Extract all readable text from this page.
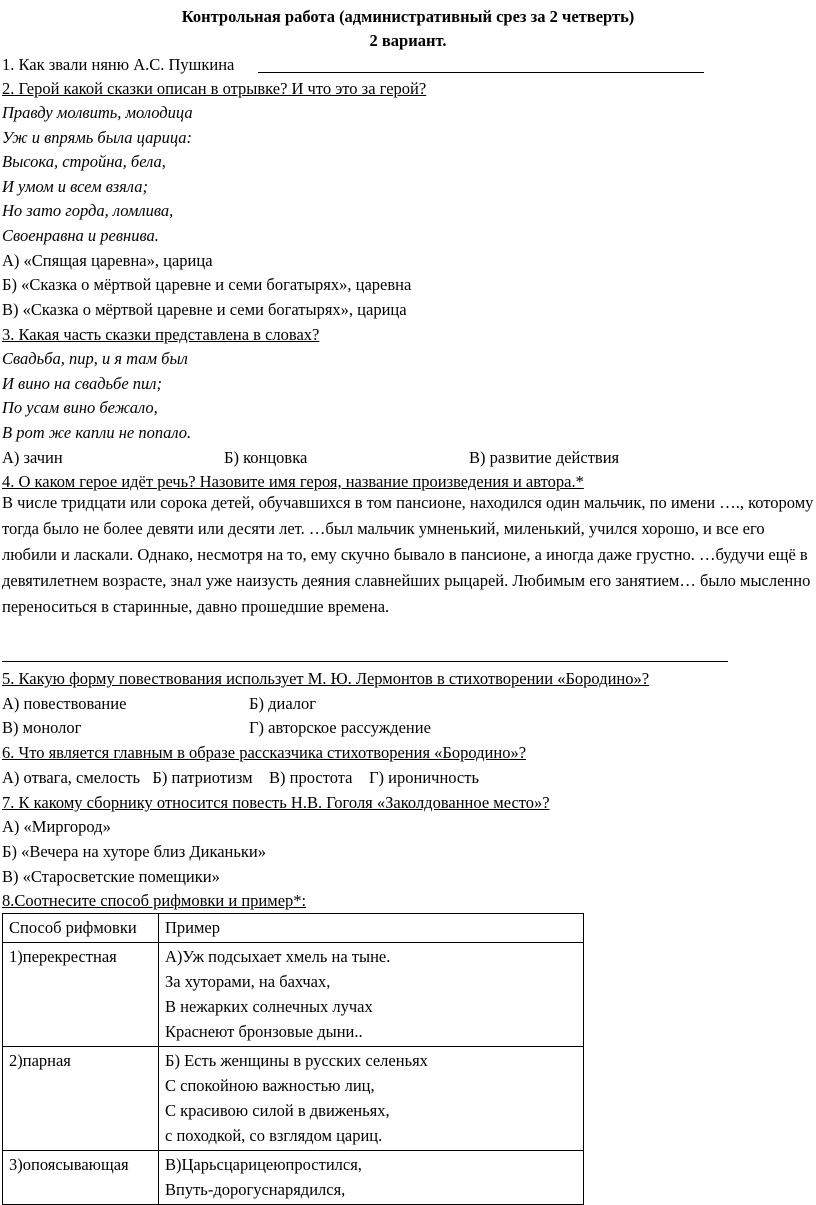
Контрольная работа (административный срез за 2 четверть)
2 вариант.
1. Как звали няню А.С. Пушкина
2. Герой какой сказки описан в отрывке? И что это за герой?
Правду молвить, молодица
Уж и впрямь была царица:
Высока, стройна, бела,
И умом и всем взяла;
Но зато горда, ломлива,
Своенравна и ревнива.
А) «Спящая царевна», царица
Б) «Сказка о мёртвой царевне и семи богатырях», царевна
В) «Сказка о мёртвой царевне и семи богатырях», царица
3. Какая часть сказки представлена в словах?
Свадьба, пир, и я там был
И вино на свадьбе пил;
По усам вино бежало,
В рот же капли не попало.
А) зачин	Б) концовка	В) развитие действия
4. О каком герое идёт речь? Назовите имя героя, название произведения и автора.*
В числе тридцати или сорока детей, обучавшихся в том пансионе, находился один мальчик, по имени …., которому тогда было не более девяти или десяти лет. …был мальчик умненький, миленький, учился хорошо, и все его любили и ласкали. Однако, несмотря на то, ему скучно бывало в пансионе, а иногда даже грустно. …будучи ещё в девятилетнем возрасте, знал уже наизусть деяния славнейших рыцарей. Любимым его занятием… было мысленно переноситься в старинные, давно прошедшие времена.
5. Какую форму повествования использует М. Ю. Лермонтов в стихотворении «Бородино»?
А) повествование	Б) диалог
В) монолог	Г) авторское рассуждение
6. Что является главным в образе рассказчика стихотворения «Бородино»?
А) отвага, смелость   Б) патриотизм    В) простота    Г) ироничность
7. К какому сборнику относится повесть Н.В. Гоголя «Заколдованное место»?
А) «Миргород»
Б) «Вечера на хуторе близ Диканьки»
В) «Старосветские помещики»
8.Соотнесите способ рифмовки и пример*:
Способ рифмовки	Пример
1)перекрестная	А)Уж подсыхает хмель на тыне.
За хуторами, на бахчах,
В нежарких солнечных лучах
Краснеют бронзовые дыни..

2)парная	Б) Есть женщины в русских селеньях
С спокойною важностью лиц,
С красивою силой в движеньях,
с походкой, со взглядом цариц.

3)опоясывающая	В)Царьсцарицеюпростился,
Впуть-дорогуснарядился,
